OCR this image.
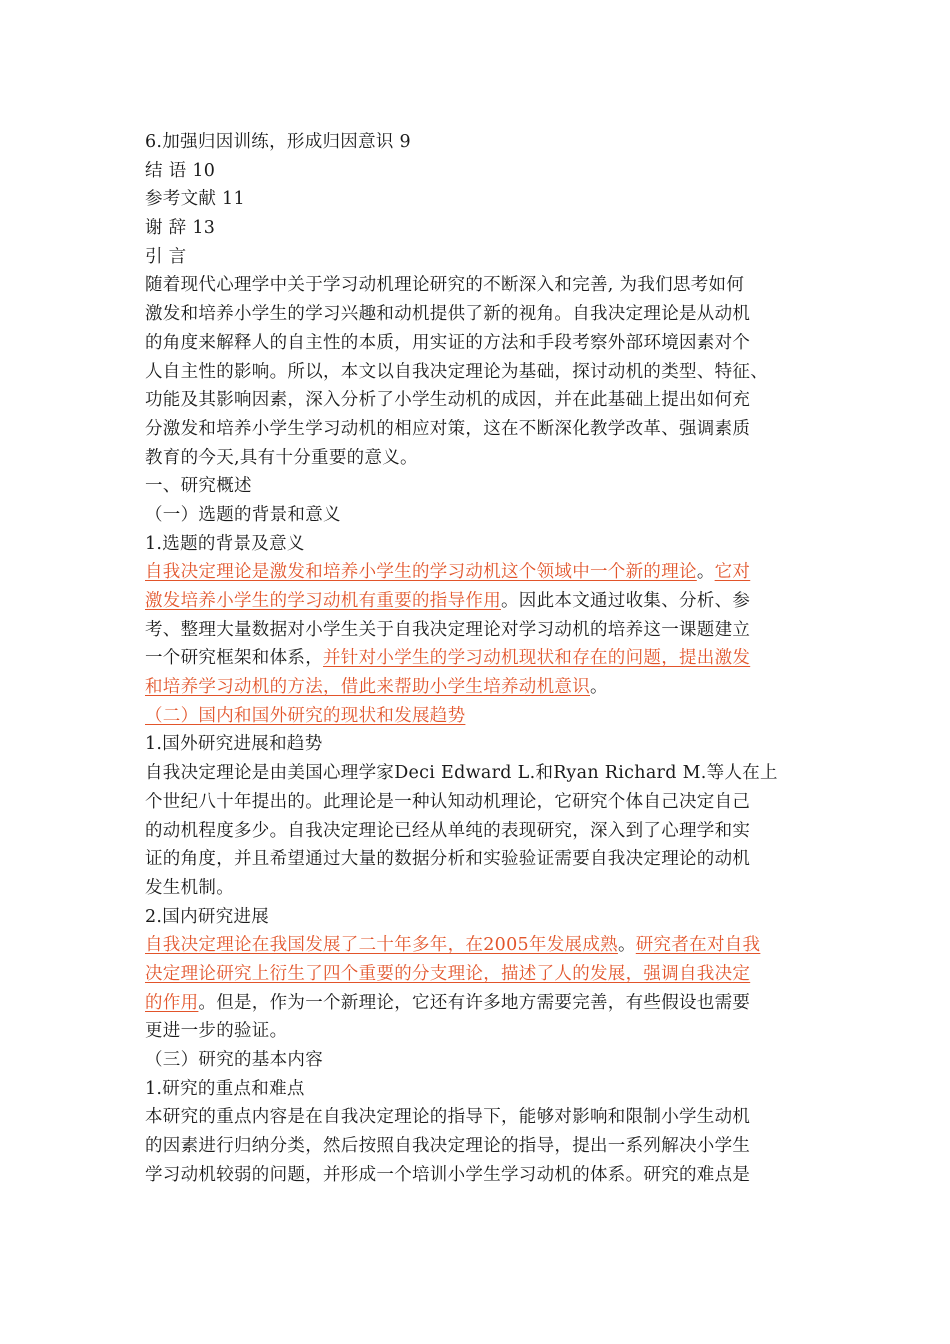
6.加强归因训练，形成归因意识 9
结 语 10
参考文献 11
谢 辞 13
引 言
随着现代心理学中关于学习动机理论研究的不断深入和完善, 为我们思考如何
激发和培养小学生的学习兴趣和动机提供了新的视角。自我决定理论是从动机
的角度来解释人的自主性的本质，用实证的方法和手段考察外部环境因素对个
人自主性的影响。所以，本文以自我决定理论为基础，探讨动机的类型、特征、
功能及其影响因素，深入分析了小学生动机的成因，并在此基础上提出如何充
分激发和培养小学生学习动机的相应对策，这在不断深化教学改革、强调素质
教育的今天,具有十分重要的意义。
一、研究概述
（一）选题的背景和意义
1.选题的背景及意义
自我决定理论是激发和培养小学生的学习动机这个领域中一个新的理论。它对
激发培养小学生的学习动机有重要的指导作用。因此本文通过收集、分析、参
考、整理大量数据对小学生关于自我决定理论对学习动机的培养这一课题建立
一个研究框架和体系，并针对小学生的学习动机现状和存在的问题，提出激发
和培养学习动机的方法，借此来帮助小学生培养动机意识。
（二）国内和国外研究的现状和发展趋势
1.国外研究进展和趋势
自我决定理论是由美国心理学家Deci Edward L.和Ryan Richard M.等人在上
个世纪八十年提出的。此理论是一种认知动机理论，它研究个体自己决定自己
的动机程度多少。自我决定理论已经从单纯的表现研究，深入到了心理学和实
证的角度，并且希望通过大量的数据分析和实验验证需要自我决定理论的动机
发生机制。
2.国内研究进展
自我决定理论在我国发展了二十年多年，在2005年发展成熟。研究者在对自我
决定理论研究上衍生了四个重要的分支理论，描述了人的发展，强调自我决定
的作用。但是，作为一个新理论，它还有许多地方需要完善，有些假设也需要
更进一步的验证。
（三）研究的基本内容
1.研究的重点和难点
本研究的重点内容是在自我决定理论的指导下，能够对影响和限制小学生动机
的因素进行归纳分类，然后按照自我决定理论的指导，提出一系列解决小学生
学习动机较弱的问题，并形成一个培训小学生学习动机的体系。研究的难点是
